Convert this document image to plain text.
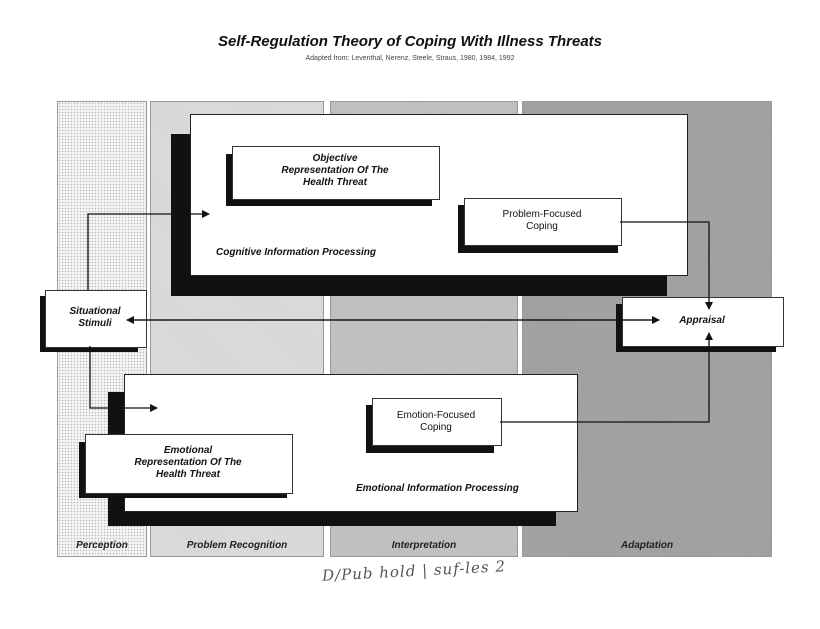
Self-Regulation Theory of Coping With Illness Threats
Adapted from: Leventhal, Nerenz, Steele, Straus, 1980, 1984, 1992
Perception	Problem Recognition	Interpretation	Adaptation
Cognitive Information Processing
Objective
Representation Of The
Health Threat
Problem-Focused
Coping
Emotional Information Processing
Emotion-Focused
Coping
Emotional
Representation Of The
Health Threat
Situational
Stimuli	Appraisal
D/Pub hold | suf-les 2
